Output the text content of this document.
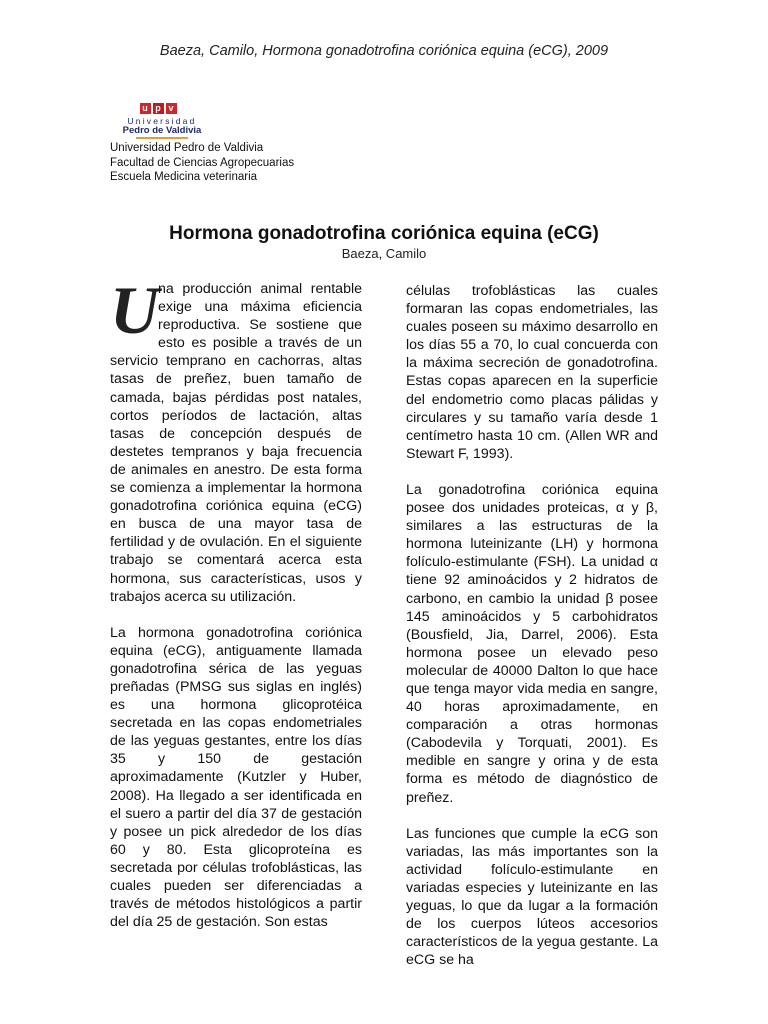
Baeza, Camilo, Hormona gonadotrofina coriónica equina (eCG), 2009
u p v
Universidad
Pedro de Valdivia
Universidad Pedro de Valdivia
Facultad de Ciencias Agropecuarias
Escuela Medicina veterinaria
Hormona gonadotrofina coriónica equina (eCG)
Baeza, Camilo

U
na producción animal rentable exige una máxima eficiencia reproductiva. Se sostiene que esto es posible a través de un servicio temprano en cachorras, altas tasas de preñez, buen tamaño de camada, bajas pérdidas post natales, cortos períodos de lactación, altas tasas de concepción después de destetes tempranos y baja frecuencia de animales en anestro. De esta forma se comienza a implementar la hormona gonadotrofina coriónica equina (eCG) en busca de una mayor tasa de fertilidad y de ovulación. En el siguiente trabajo se comentará acerca esta hormona, sus características, usos y trabajos acerca su utilización.

La hormona gonadotrofina coriónica equina (eCG), antiguamente llamada gonadotrofina sérica de las yeguas preñadas (PMSG sus siglas en inglés) es una hormona glicoprotéica secretada en las copas endometriales de las yeguas gestantes, entre los días 35 y 150 de gestación aproximadamente (Kutzler y Huber, 2008). Ha llegado a ser identificada en el suero a partir del día 37 de gestación y posee un pick alrededor de los días 60 y 80. Esta glicoproteína es secretada por células trofoblásticas, las cuales pueden ser diferenciadas a través de métodos histológicos a partir del día 25 de gestación. Son estas

células trofoblásticas las cuales formaran las copas endometriales, las cuales poseen su máximo desarrollo en los días 55 a 70, lo cual concuerda con la máxima secreción de gonadotrofina. Estas copas aparecen en la superficie del endometrio como placas pálidas y circulares y su tamaño varía desde 1 centímetro hasta 10 cm. (Allen WR and Stewart F, 1993).

La gonadotrofina coriónica equina posee dos unidades proteicas, α y β, similares a las estructuras de la hormona luteinizante (LH) y hormona folículo-estimulante (FSH). La unidad α tiene 92 aminoácidos y 2 hidratos de carbono, en cambio la unidad β posee 145 aminoácidos y 5 carbohidratos (Bousfield, Jia, Darrel, 2006). Esta hormona posee un elevado peso molecular de 40000 Dalton lo que hace que tenga mayor vida media en sangre, 40 horas aproximadamente, en comparación a otras hormonas (Cabodevila y Torquati, 2001). Es medible en sangre y orina y de esta forma es método de diagnóstico de preñez.

Las funciones que cumple la eCG son variadas, las más importantes son la actividad folículo-estimulante en variadas especies y luteinizante en las yeguas, lo que da lugar a la formación de los cuerpos lúteos accesorios característicos de la yegua gestante. La eCG se ha
